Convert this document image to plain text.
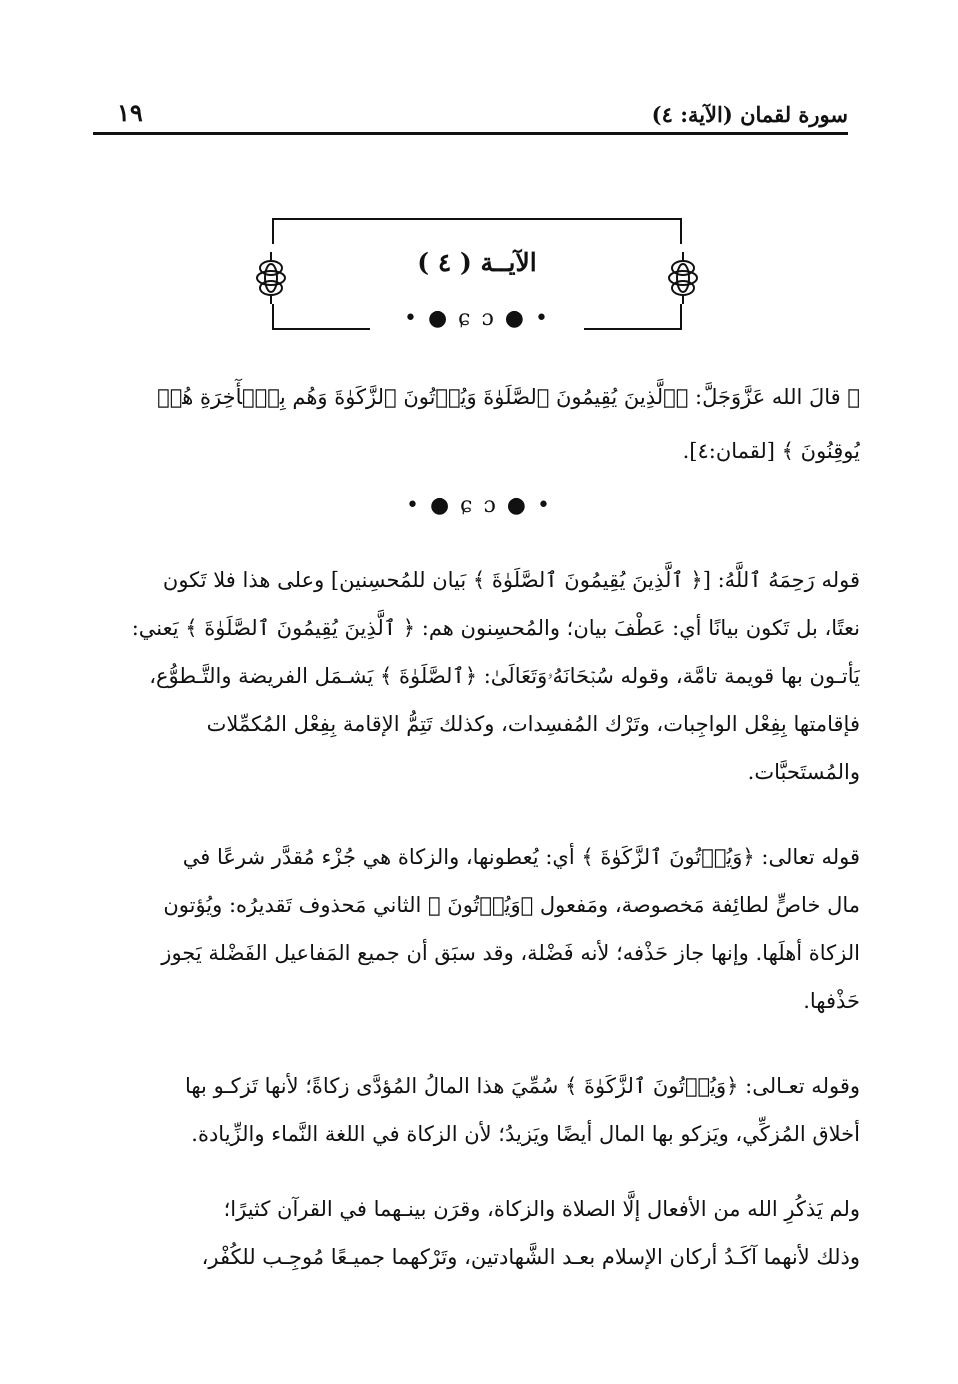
سورة لقمان (الآية: ٤)
١٩
الآيــة ( ٤ )
• ● ɕ ɔ ● •
۞ قالَ الله عَزَّوَجَلَّ: ﴿ٱلَّذِينَ يُقِيمُونَ ٱلصَّلَوٰةَ وَيُؤۡتُونَ ٱلزَّكَوٰةَ وَهُم بِٱلۡأٓخِرَةِ هُمۡ
يُوقِنُونَ ﴾ [لقمان:٤].
• ● ɕ ɔ ● •
قوله رَحِمَهُ ٱللَّهُ: [﴿ ٱلَّذِينَ يُقِيمُونَ ٱلصَّلَوٰةَ ﴾ بَيان للمُحسِنين] وعلى هذا فلا تَكون
نعتًا، بل تَكون بيانًا أي: عَطْفَ بيان؛ والمُحسِنون هم: ﴿ ٱلَّذِينَ يُقِيمُونَ ٱلصَّلَوٰةَ ﴾ يَعني:
يَأتـون بها قويمة تامَّة، وقوله سُبۡحَانَهُۥوَتَعَالَىٰ: ﴿ٱلصَّلَوٰةَ ﴾ يَشـمَل الفريضة والتَّـطوُّع،
فإقامتها بِفِعْل الواجِبات، وتَرْك المُفسِدات، وكذلك تَتِمُّ الإقامة بِفِعْل المُكمِّلات
والمُستَحبَّات.
قوله تعالى: ﴿وَيُؤۡتُونَ ٱلزَّكَوٰةَ ﴾ أي: يُعطونها، والزكاة هي جُزْء مُقدَّر شرعًا في
مال خاصٍّ لطائِفة مَخصوصة، ومَفعول ﴿وَيُؤۡتُونَ ﴾ الثاني مَحذوف تَقديرُه: ويُؤتون
الزكاة أهلَها. وإنها جاز حَذْفه؛ لأنه فَضْلة، وقد سبَق أن جميع المَفاعيل الفَضْلة يَجوز
حَذْفها.
وقوله تعـالى: ﴿وَيُؤۡتُونَ ٱلزَّكَوٰةَ ﴾ سُمِّيَ هذا المالُ المُؤدَّى زكاةً؛ لأنها تَزكـو بها
أخلاق المُزكِّي، ويَزكو بها المال أيضًا ويَزيدُ؛ لأن الزكاة في اللغة النَّماء والزِّيادة.
ولم يَذكُرِ الله من الأفعال إلَّا الصلاة والزكاة، وقرَن بينـهما في القرآن كثيرًا؛
وذلك لأنهما آكَـدُ أركان الإسلام بعـد الشَّهادتين، وتَرْكهما جميـعًا مُوجِـب للكُفْر،
